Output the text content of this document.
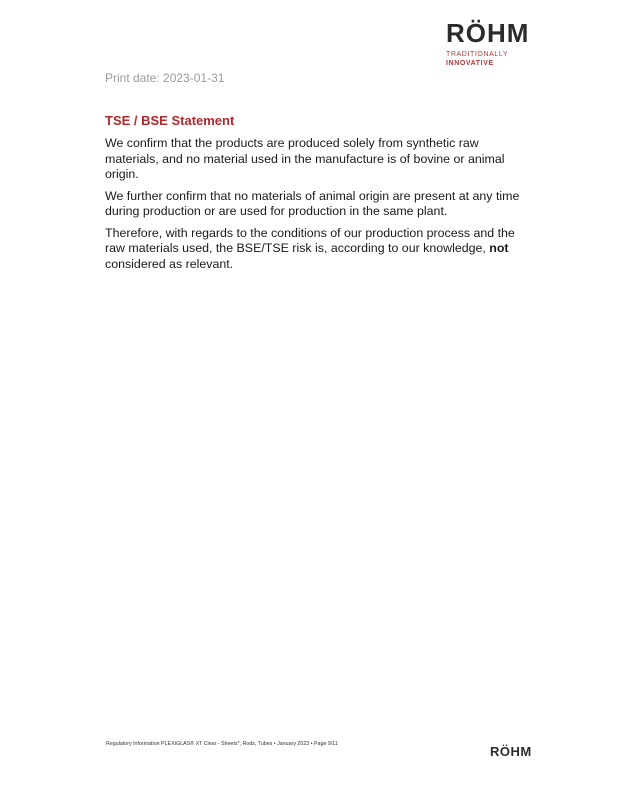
RÖHM
TRADITIONALLY
INNOVATIVE
Print date: 2023-01-31
TSE / BSE Statement

We confirm that the products are produced solely from synthetic raw materials, and no material used in the manufacture is of bovine or animal origin.

We further confirm that no materials of animal origin are present at any time during production or are used for production in the same plant.

Therefore, with regards to the conditions of our production process and the raw materials used, the BSE/TSE risk is, according to our knowledge, not considered as relevant.

Regulatory Information PLEXIGLAS® XT Clear - Sheets*, Rods, Tubes • January 2023 • Page 9/11	RÖHM
